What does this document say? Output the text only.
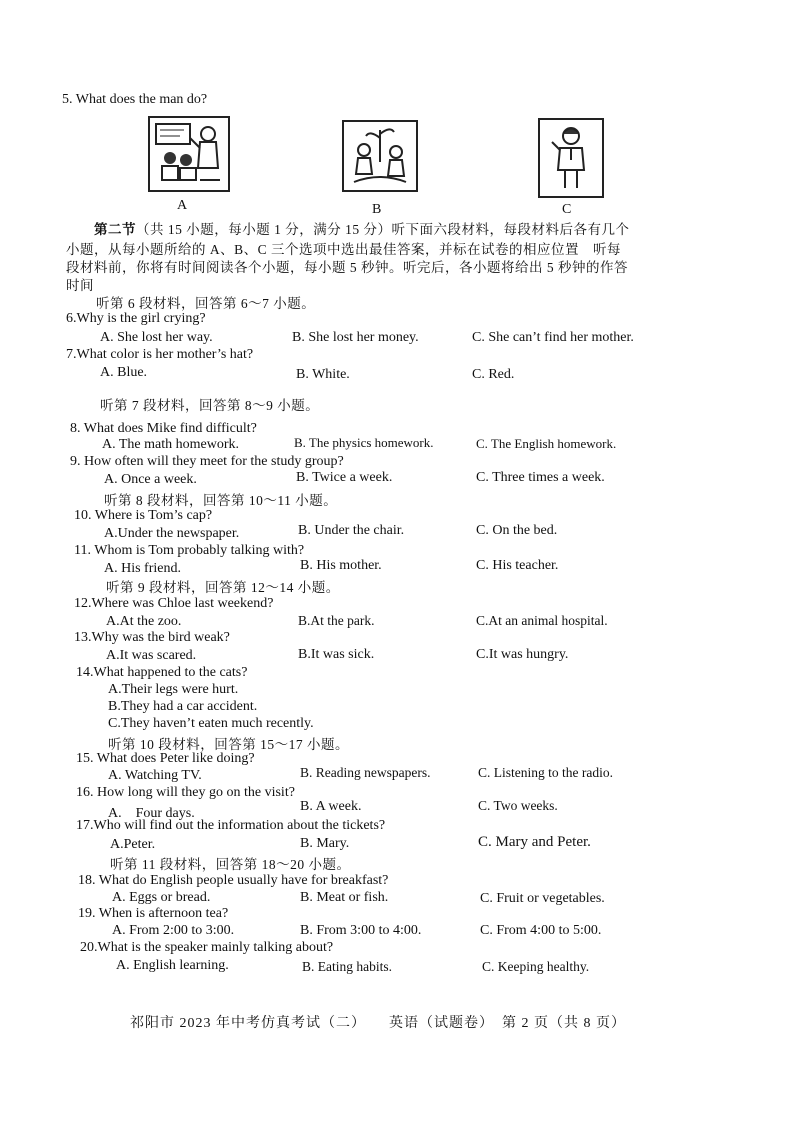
5. What does the man do?
A	B	C
第二节（共 15 小题，每小题 1 分，满分 15 分）听下面六段材料，每段材料后各有几个
小题，从每小题所给的 A、B、C 三个选项中选出最佳答案，并标在试卷的相应位置　听每
段材料前，你将有时间阅读各个小题，每小题 5 秒钟。听完后，各小题将给出 5 秒钟的作答
时间
听第 6 段材料，回答第 6～7 小题。
6.Why is the girl crying?
A. She lost her way.	B. She lost her money.	C. She can’t find her mother.
7.What color is her mother’s hat?
A. Blue.	B. White.	C. Red.
听第 7 段材料，回答第 8～9 小题。
8. What does Mike find difficult?
A. The math homework.	B. The physics homework.	C. The English homework.
9. How often will they meet for the study group?
A. Once a week.	B. Twice a week.	C. Three times a week.
听第 8 段材料，回答第 10～11 小题。
10. Where is Tom’s cap?
A.Under the newspaper.	B. Under the chair.	C. On the bed.
11. Whom is Tom probably talking with?
A. His friend.	B. His mother.	C. His teacher.
听第 9 段材料，回答第 12～14 小题。
12.Where was Chloe last weekend?
A.At the zoo.	B.At the park.	C.At an animal hospital.
13.Why was the bird weak?
A.It was scared.	B.It was sick.	C.It was hungry.
14.What happened to the cats?
A.Their legs were hurt.
B.They had a car accident.
C.They haven’t eaten much recently.
听第 10 段材料，回答第 15～17 小题。
15. What does Peter like doing?
A. Watching TV.	B. Reading newspapers.	C. Listening to the radio.
16. How long will they go on the visit?
A.　Four days.	B. A week.	C. Two weeks.
17.Who will find out the information about the tickets?
A.Peter.	B. Mary.	C. Mary and Peter.
听第 11 段材料，回答第 18～20 小题。
18. What do English people usually have for breakfast?
A. Eggs or bread.	B. Meat or fish.	C. Fruit or vegetables.
19. When is afternoon tea?
A. From 2:00 to 3:00.	B. From 3:00 to 4:00.	C. From 4:00 to 5:00.
20.What is the speaker mainly talking about?
A. English learning.	B. Eating habits.	C. Keeping healthy.
祁阳市 2023 年中考仿真考试（二）　　英语（试题卷）　第 2 页（共 8 页）
